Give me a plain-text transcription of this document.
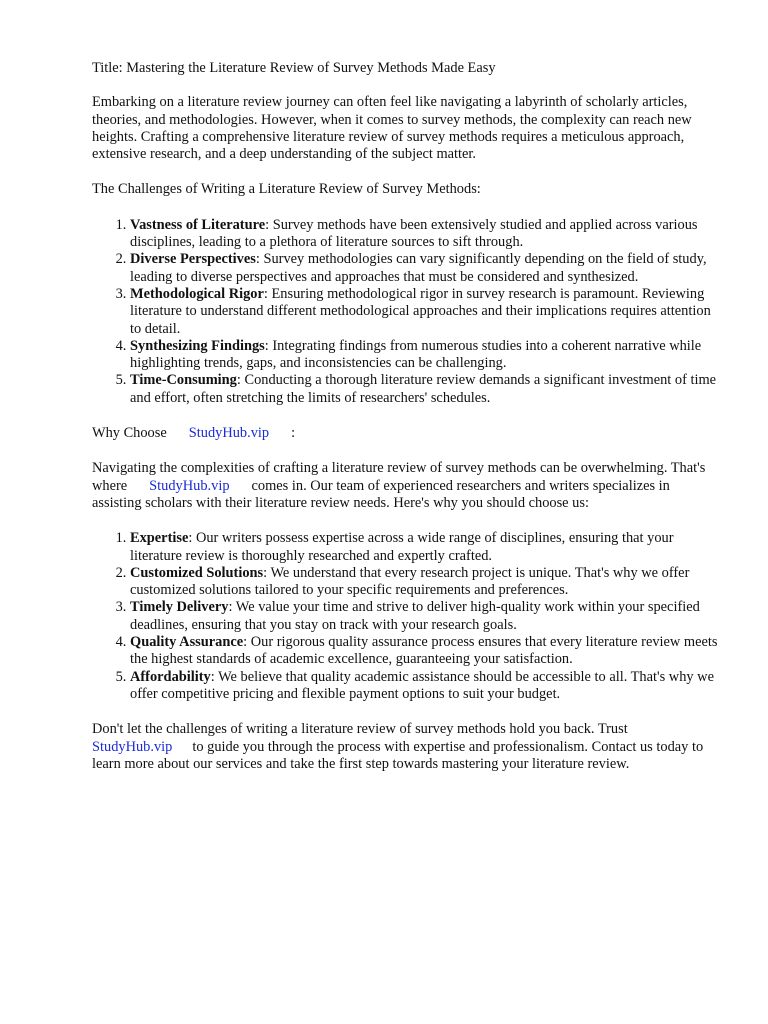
Title: Mastering the Literature Review of Survey Methods Made Easy

Embarking on a literature review journey can often feel like navigating a labyrinth of scholarly articles, theories, and methodologies. However, when it comes to survey methods, the complexity can reach new heights. Crafting a comprehensive literature review of survey methods requires a meticulous approach, extensive research, and a deep understanding of the subject matter.

The Challenges of Writing a Literature Review of Survey Methods:

1. Vastness of Literature: Survey methods have been extensively studied and applied across various disciplines, leading to a plethora of literature sources to sift through.
2. Diverse Perspectives: Survey methodologies can vary significantly depending on the field of study, leading to diverse perspectives and approaches that must be considered and synthesized.
3. Methodological Rigor: Ensuring methodological rigor in survey research is paramount. Reviewing literature to understand different methodological approaches and their implications requires attention to detail.
4. Synthesizing Findings: Integrating findings from numerous studies into a coherent narrative while highlighting trends, gaps, and inconsistencies can be challenging.
5. Time-Consuming: Conducting a thorough literature review demands a significant investment of time and effort, often stretching the limits of researchers' schedules.

Why Choose StudyHub.vip :

Navigating the complexities of crafting a literature review of survey methods can be overwhelming. That's where StudyHub.vip comes in. Our team of experienced researchers and writers specializes in assisting scholars with their literature review needs. Here's why you should choose us:

1. Expertise: Our writers possess expertise across a wide range of disciplines, ensuring that your literature review is thoroughly researched and expertly crafted.
2. Customized Solutions: We understand that every research project is unique. That's why we offer customized solutions tailored to your specific requirements and preferences.
3. Timely Delivery: We value your time and strive to deliver high-quality work within your specified deadlines, ensuring that you stay on track with your research goals.
4. Quality Assurance: Our rigorous quality assurance process ensures that every literature review meets the highest standards of academic excellence, guaranteeing your satisfaction.
5. Affordability: We believe that quality academic assistance should be accessible to all. That's why we offer competitive pricing and flexible payment options to suit your budget.

Don't let the challenges of writing a literature review of survey methods hold you back. Trust StudyHub.vip to guide you through the process with expertise and professionalism. Contact us today to learn more about our services and take the first step towards mastering your literature review.
